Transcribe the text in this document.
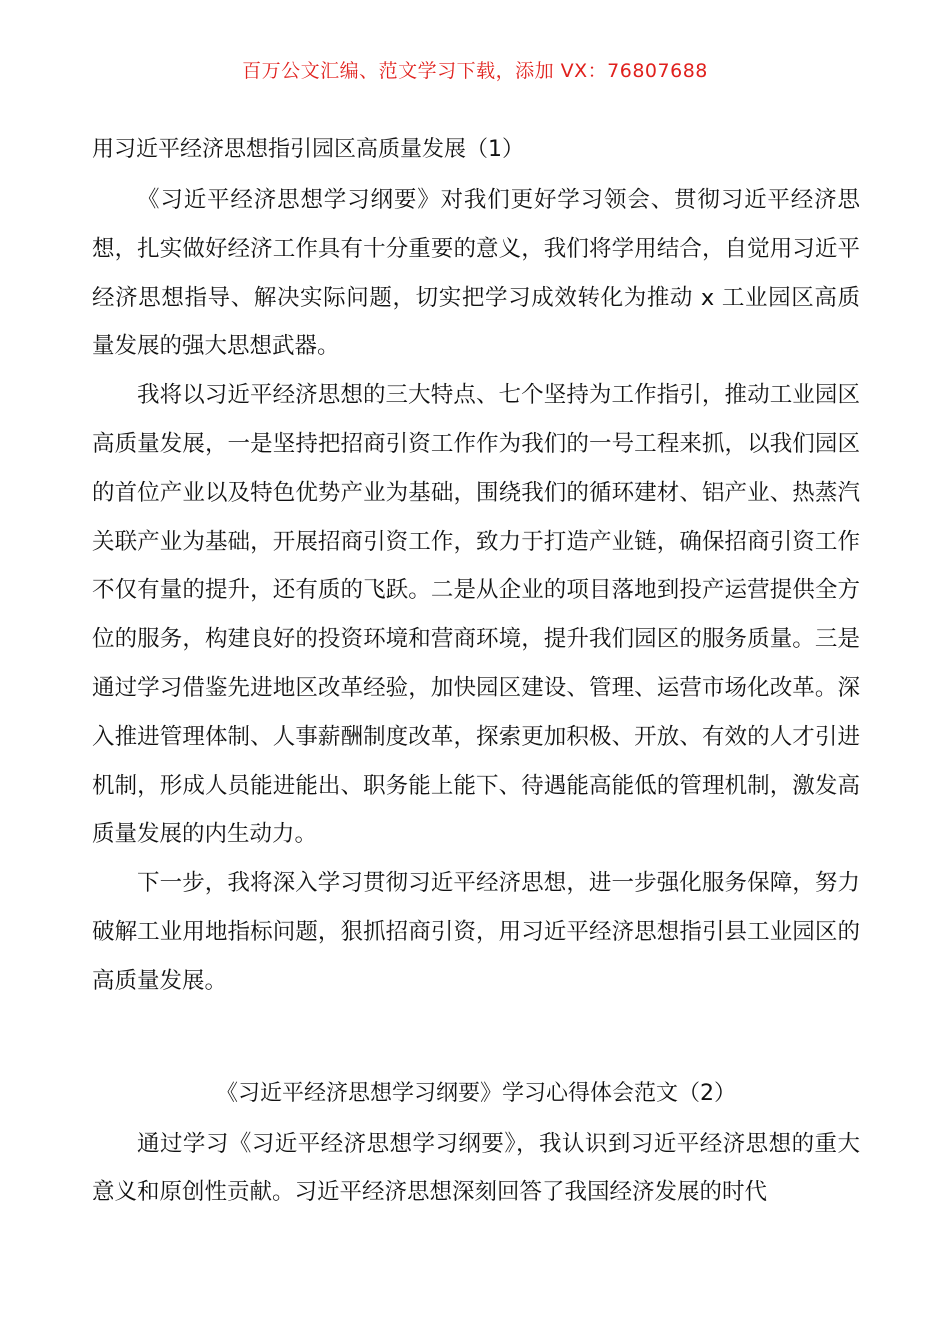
百万公文汇编、范文学习下载，添加 VX：76807688
用习近平经济思想指引园区高质量发展（1）

《习近平经济思想学习纲要》对我们更好学习领会、贯彻习近平经济思想，扎实做好经济工作具有十分重要的意义，我们将学用结合，自觉用习近平经济思想指导、解决实际问题，切实把学习成效转化为推动 x 工业园区高质量发展的强大思想武器。

我将以习近平经济思想的三大特点、七个坚持为工作指引，推动工业园区高质量发展，一是坚持把招商引资工作作为我们的一号工程来抓，以我们园区的首位产业以及特色优势产业为基础，围绕我们的循环建材、铝产业、热蒸汽关联产业为基础，开展招商引资工作，致力于打造产业链，确保招商引资工作不仅有量的提升，还有质的飞跃。二是从企业的项目落地到投产运营提供全方位的服务，构建良好的投资环境和营商环境，提升我们园区的服务质量。三是通过学习借鉴先进地区改革经验，加快园区建设、管理、运营市场化改革。深入推进管理体制、人事薪酬制度改革，探索更加积极、开放、有效的人才引进机制，形成人员能进能出、职务能上能下、待遇能高能低的管理机制，激发高质量发展的内生动力。

下一步，我将深入学习贯彻习近平经济思想，进一步强化服务保障，努力破解工业用地指标问题，狠抓招商引资，用习近平经济思想指引县工业园区的高质量发展。

《习近平经济思想学习纲要》学习心得体会范文（2）

通过学习《习近平经济思想学习纲要》，我认识到习近平经济思想的重大意义和原创性贡献。习近平经济思想深刻回答了我国经济发展的时代
